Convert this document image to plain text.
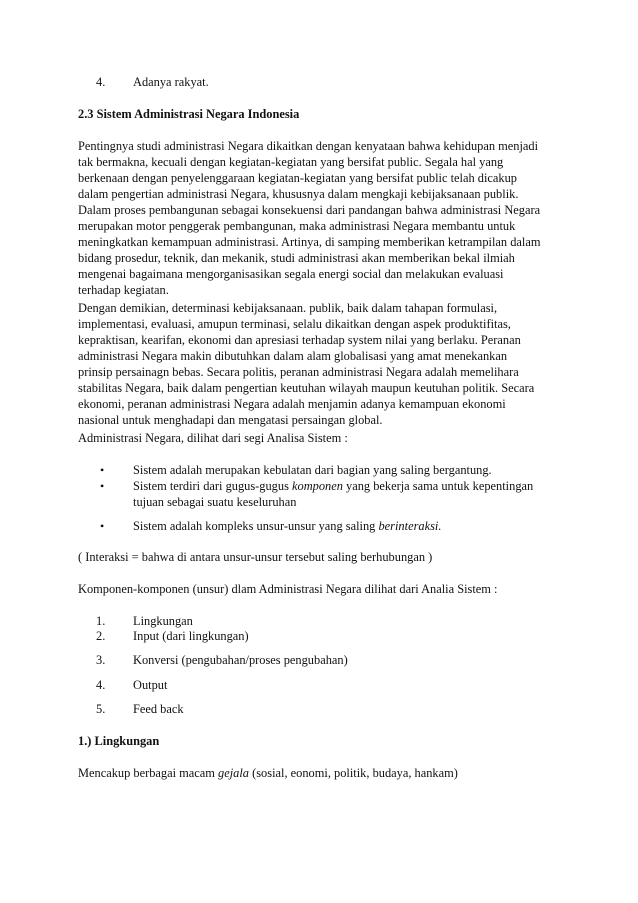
4.	Adanya rakyat.
2.3 Sistem Administrasi Negara Indonesia
Pentingnya studi administrasi Negara dikaitkan dengan kenyataan bahwa kehidupan menjadi
tak bermakna, kecuali dengan kegiatan-kegiatan yang bersifat public. Segala hal yang
berkenaan dengan penyelenggaraan kegiatan-kegiatan yang bersifat public telah dicakup
dalam pengertian administrasi Negara, khususnya dalam mengkaji kebijaksanaan publik.
Dalam proses pembangunan sebagai konsekuensi dari pandangan bahwa administrasi Negara
merupakan motor penggerak pembangunan, maka administrasi Negara membantu untuk
meningkatkan kemampuan administrasi. Artinya, di samping memberikan ketrampilan dalam
bidang prosedur, teknik, dan mekanik, studi administrasi akan memberikan bekal ilmiah
mengenai bagaimana mengorganisasikan segala energi social dan melakukan evaluasi
terhadap kegiatan.
Dengan demikian, determinasi kebijaksanaan. publik, baik dalam tahapan formulasi,
implementasi, evaluasi, amupun terminasi, selalu dikaitkan dengan aspek produktifitas,
kepraktisan, kearifan, ekonomi dan apresiasi terhadap system nilai yang berlaku. Peranan
administrasi Negara makin dibutuhkan dalam alam globalisasi yang amat menekankan
prinsip persainagn bebas. Secara politis, peranan administrasi Negara adalah memelihara
stabilitas Negara, baik dalam pengertian keutuhan wilayah maupun keutuhan politik. Secara
ekonomi, peranan administrasi Negara adalah menjamin adanya kemampuan ekonomi
nasional untuk menghadapi dan mengatasi persaingan global.
Administrasi Negara, dilihat dari segi Analisa Sistem :
•	Sistem adalah merupakan kebulatan dari bagian yang saling bergantung.
•	Sistem terdiri dari gugus-gugus komponen yang bekerja sama untuk kepentingan
tujuan sebagai suatu keseluruhan
•	Sistem adalah kompleks unsur-unsur yang saling berinteraksi.
( Interaksi = bahwa di antara unsur-unsur tersebut saling berhubungan )
Komponen-komponen (unsur) dlam Administrasi Negara dilihat dari Analia Sistem :
1.	Lingkungan
2.	Input (dari lingkungan)
3.	Konversi (pengubahan/proses pengubahan)
4.	Output
5.	Feed back
1.) Lingkungan
Mencakup berbagai macam gejala (sosial, eonomi, politik, budaya, hankam)
